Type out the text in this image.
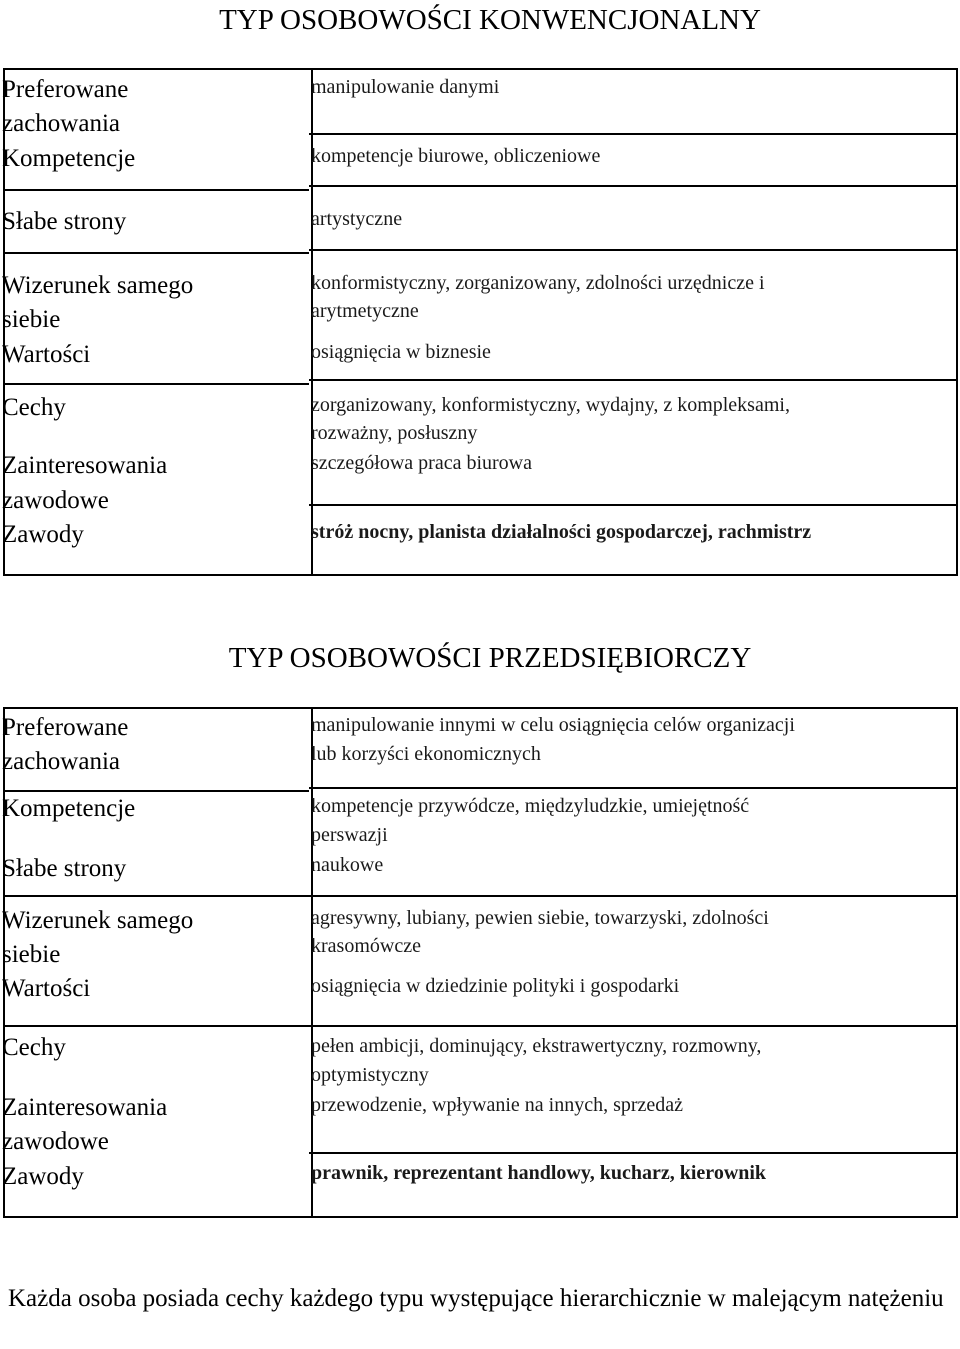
TYP OSOBOWOŚCI KONWENCJONALNY
Preferowane
zachowania
Kompetencje
Słabe strony
Wizerunek samego
siebie
Wartości
Cechy
Zainteresowania
zawodowe
Zawody
manipulowanie danymi
kompetencje biurowe, obliczeniowe
artystyczne
konformistyczny, zorganizowany, zdolności urzędnicze i
arytmetyczne
osiągnięcia w biznesie
zorganizowany, konformistyczny, wydajny, z kompleksami,
rozważny, posłuszny
szczegółowa praca biurowa
stróż nocny, planista działalności gospodarczej, rachmistrz
TYP OSOBOWOŚCI PRZEDSIĘBIORCZY
Preferowane
zachowania
Kompetencje
Słabe strony
Wizerunek samego
siebie
Wartości
Cechy
Zainteresowania
zawodowe
Zawody
manipulowanie innymi w celu osiągnięcia celów organizacji
lub korzyści ekonomicznych
kompetencje przywódcze, międzyludzkie, umiejętność
perswazji
naukowe
agresywny, lubiany, pewien siebie, towarzyski, zdolności
krasomówcze
osiągnięcia w dziedzinie polityki i gospodarki
pełen ambicji, dominujący, ekstrawertyczny, rozmowny,
optymistyczny
przewodzenie, wpływanie na innych, sprzedaż
prawnik, reprezentant handlowy, kucharz, kierownik
Każda osoba posiada cechy każdego typu występujące hierarchicznie w malejącym natężeniu
